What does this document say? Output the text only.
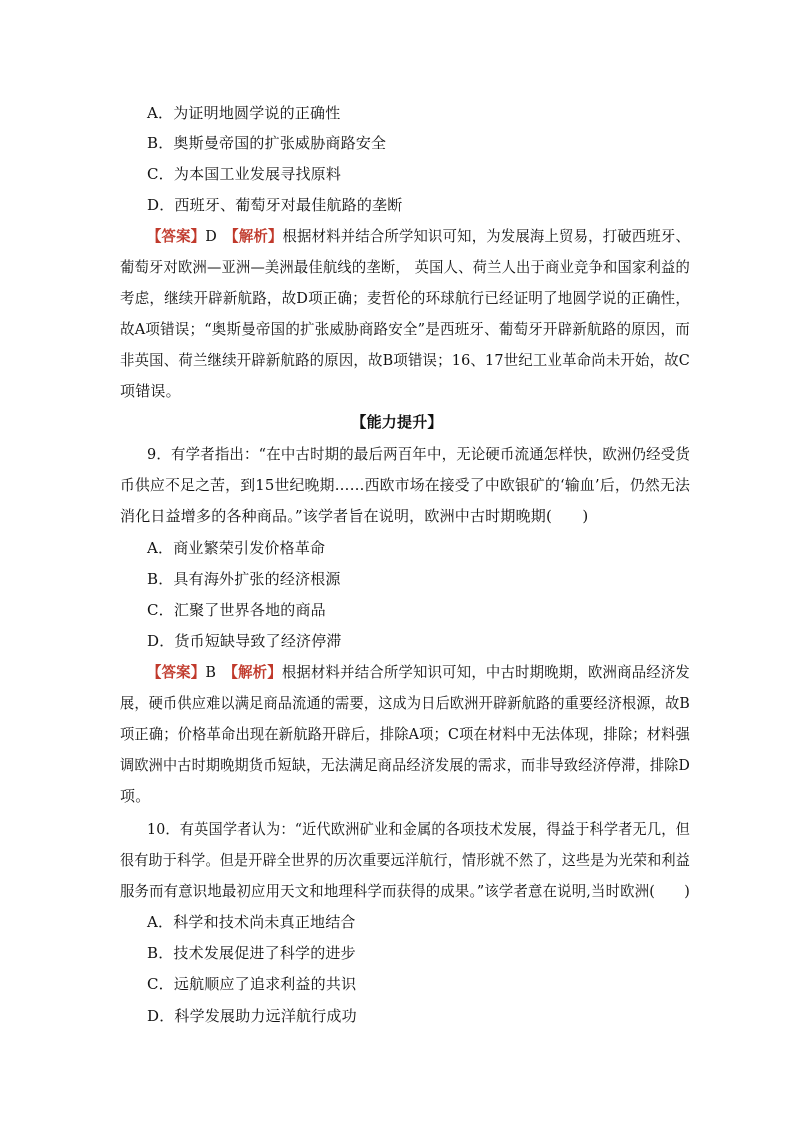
A．为证明地圆学说的正确性
B．奥斯曼帝国的扩张威胁商路安全
C．为本国工业发展寻找原料
D．西班牙、葡萄牙对最佳航路的垄断
【答案】D　 【解析】根据材料并结合所学知识可知，为发展海上贸易，打破西班牙、
葡萄牙对欧洲—亚洲—美洲最佳航线的垄断， 英国人、荷兰人出于商业竞争和国家利益的
考虑，继续开辟新航路，故D项正确；麦哲伦的环球航行已经证明了地圆学说的正确性，
故A项错误；“奥斯曼帝国的扩张威胁商路安全”是西班牙、葡萄牙开辟新航路的原因，而
非英国、荷兰继续开辟新航路的原因，故B项错误；16、17世纪工业革命尚未开始，故C
项错误。
【能力提升】
9．有学者指出：“在中古时期的最后两百年中，无论硬币流通怎样快，欧洲仍经受货
币供应不足之苦，到15世纪晚期……西欧市场在接受了中欧银矿的‘输血’后，仍然无法
消化日益增多的各种商品。”该学者旨在说明，欧洲中古时期晚期(　　)
A．商业繁荣引发价格革命
B．具有海外扩张的经济根源
C．汇聚了世界各地的商品
D．货币短缺导致了经济停滞
【答案】B　 【解析】根据材料并结合所学知识可知，中古时期晚期，欧洲商品经济发
展，硬币供应难以满足商品流通的需要，这成为日后欧洲开辟新航路的重要经济根源，故B
项正确；价格革命出现在新航路开辟后，排除A项；C项在材料中无法体现，排除；材料强
调欧洲中古时期晚期货币短缺，无法满足商品经济发展的需求，而非导致经济停滞，排除D
项。
10．有英国学者认为：“近代欧洲矿业和金属的各项技术发展，得益于科学者无几，但
很有助于科学。但是开辟全世界的历次重要远洋航行，情形就不然了，这些是为光荣和利益
服务而有意识地最初应用天文和地理科学而获得的成果。”该学者意在说明,当时欧洲(　　)
A．科学和技术尚未真正地结合
B．技术发展促进了科学的进步
C．远航顺应了追求利益的共识
D．科学发展助力远洋航行成功
